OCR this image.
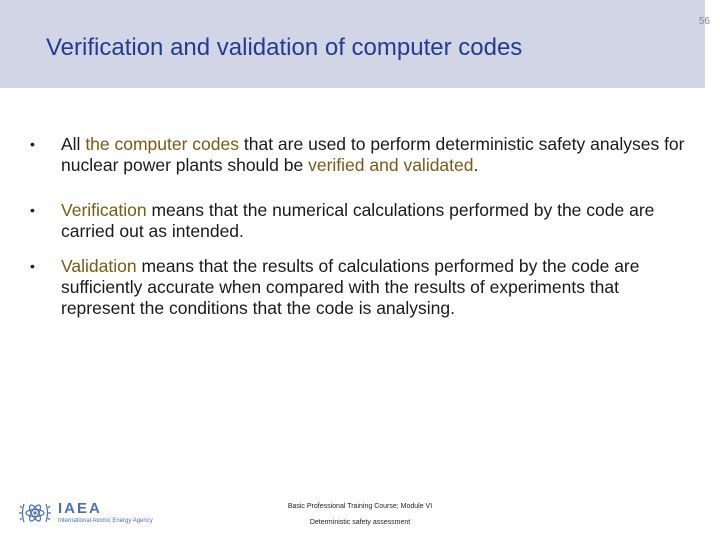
Verification and validation of computer codes
56
• All the computer codes that are used to perform deterministic safety analyses for nuclear power plants should be verified and validated.
• Verification means that the numerical calculations performed by the code are carried out as intended.
• Validation means that the results of calculations performed by the code are sufficiently accurate when compared with the results of experiments that represent the conditions that the code is analysing.
IAEA
International Atomic Energy Agency
Basic Professional Training Course; Module VI
Deterministic safety assessment
